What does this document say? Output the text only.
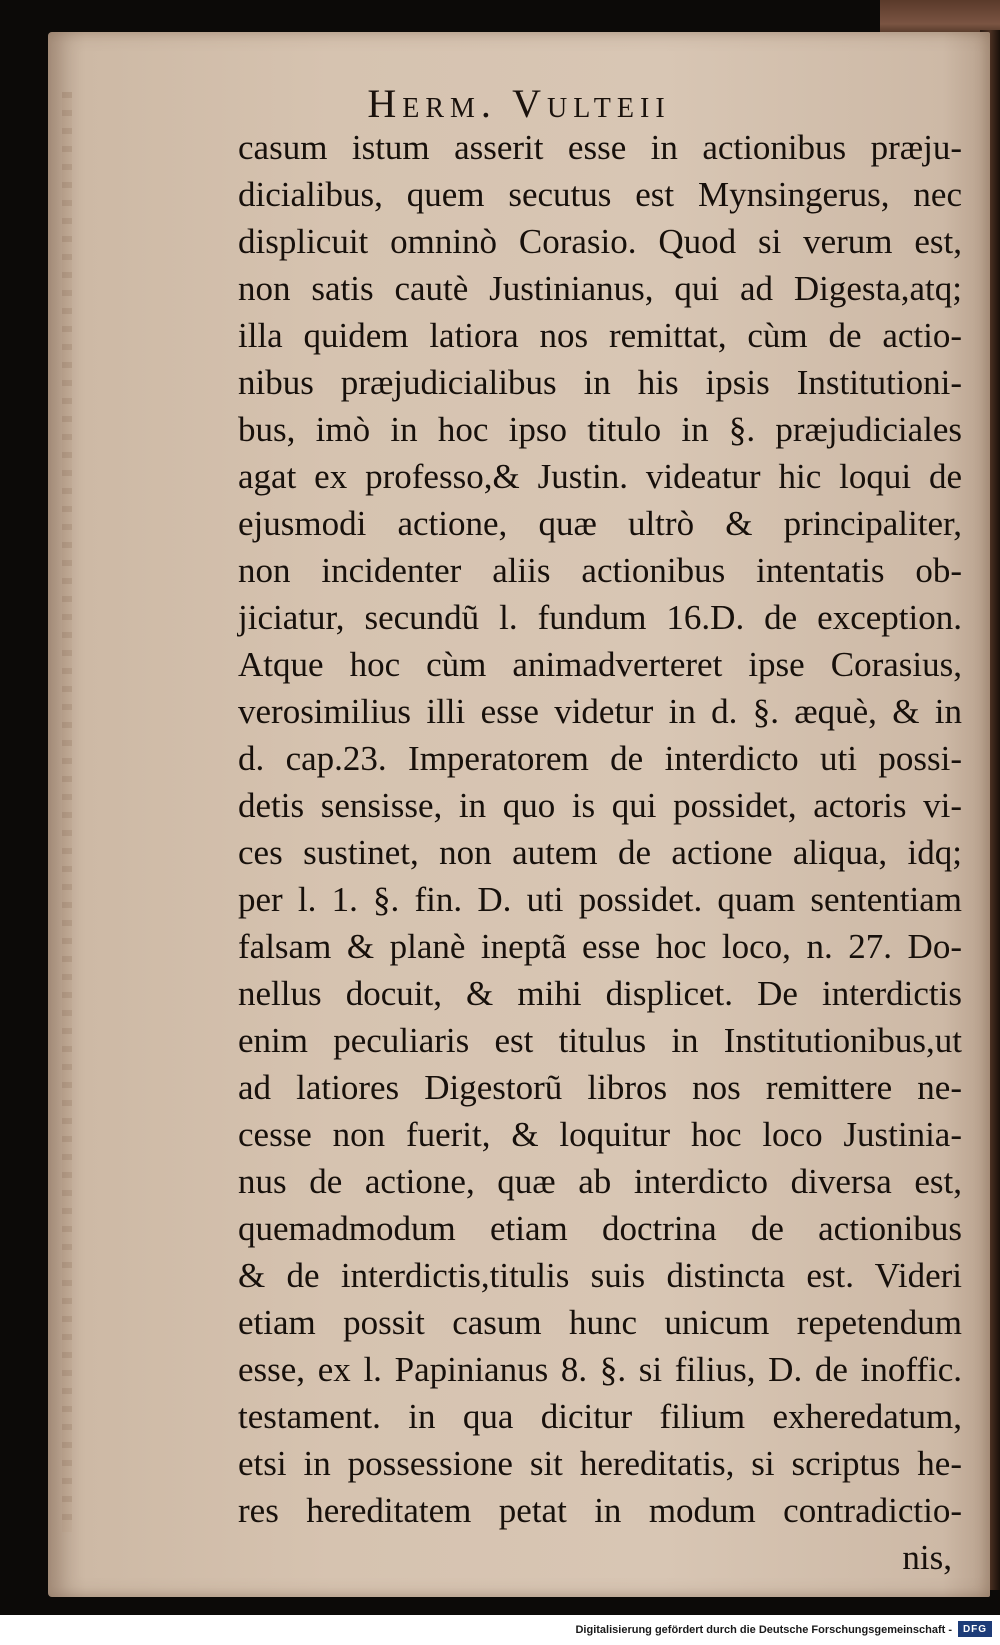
Herm. Vulteii
casum istum asserit esse in actionibus præju-
dicialibus, quem secutus est Mynsingerus, nec
displicuit omninò Corasio. Quod si verum est,
non satis cautè Justinianus, qui ad Digesta,atq;
illa quidem latiora nos remittat, cùm de actio-
nibus præjudicialibus in his ipsis Institutioni-
bus, imò in hoc ipso titulo in §. præjudiciales
agat ex professo,& Justin. videatur hic loqui de
ejusmodi actione, quæ ultrò & principaliter,
non incidenter aliis actionibus intentatis ob-
jiciatur, secundũ l. fundum 16.D. de exception.
Atque hoc cùm animadverteret ipse Corasius,
verosimilius illi esse videtur in d. §. æquè, & in
d. cap.23. Imperatorem de interdicto uti possi-
detis sensisse, in quo is qui possidet, actoris vi-
ces sustinet, non autem de actione aliqua, idq;
per l. 1. §. fin. D. uti possidet. quam sententiam
falsam & planè ineptã esse hoc loco, n. 27. Do-
nellus docuit, & mihi displicet. De interdictis
enim peculiaris est titulus in Institutionibus,ut
ad latiores Digestorũ libros nos remittere ne-
cesse non fuerit, & loquitur hoc loco Justinia-
nus de actione, quæ ab interdicto diversa est,
quemadmodum etiam doctrina de actionibus
& de interdictis,titulis suis distincta est. Videri
etiam possit casum hunc unicum repetendum
esse, ex l. Papinianus 8. §. si filius, D. de inoffic.
testament. in qua dicitur filium exheredatum,
etsi in possessione sit hereditatis, si scriptus he-
res hereditatem petat in modum contradictio-
nis,
Digitalisierung gefördert durch die Deutsche Forschungsgemeinschaft -	DFG
